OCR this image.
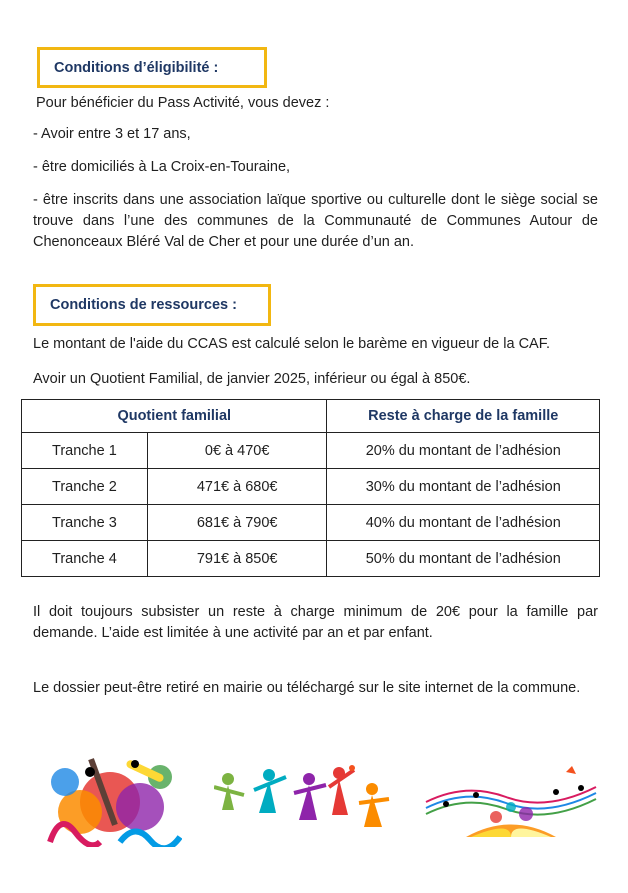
Conditions d’éligibilité :
Pour bénéficier du Pass Activité, vous devez :
- Avoir entre 3 et 17 ans,
- être domiciliés à La Croix-en-Touraine,
- être inscrits dans une association laïque sportive ou culturelle dont le siège social se trouve dans l’une des communes de la Communauté de Communes Autour de Chenonceaux Bléré Val de Cher et pour une durée d’un an.
Conditions de ressources :
Le montant de l'aide du CCAS est calculé selon le barème en vigueur de la CAF.
Avoir un Quotient Familial, de janvier 2025, inférieur ou égal à 850€.
Quotient familial		Reste à charge de la famille
Tranche 1	0€ à 470€	20% du montant de l’adhésion
Tranche 2	471€ à 680€	30% du montant de l’adhésion
Tranche 3	681€ à 790€	40% du montant de l’adhésion
Tranche 4	791€ à 850€	50% du montant de l’adhésion
Il doit toujours subsister un reste à charge minimum de 20€ pour la famille par demande. L’aide est limitée à une activité par an et par enfant.
Le dossier peut-être retiré en mairie ou téléchargé sur le site internet de la commune.
